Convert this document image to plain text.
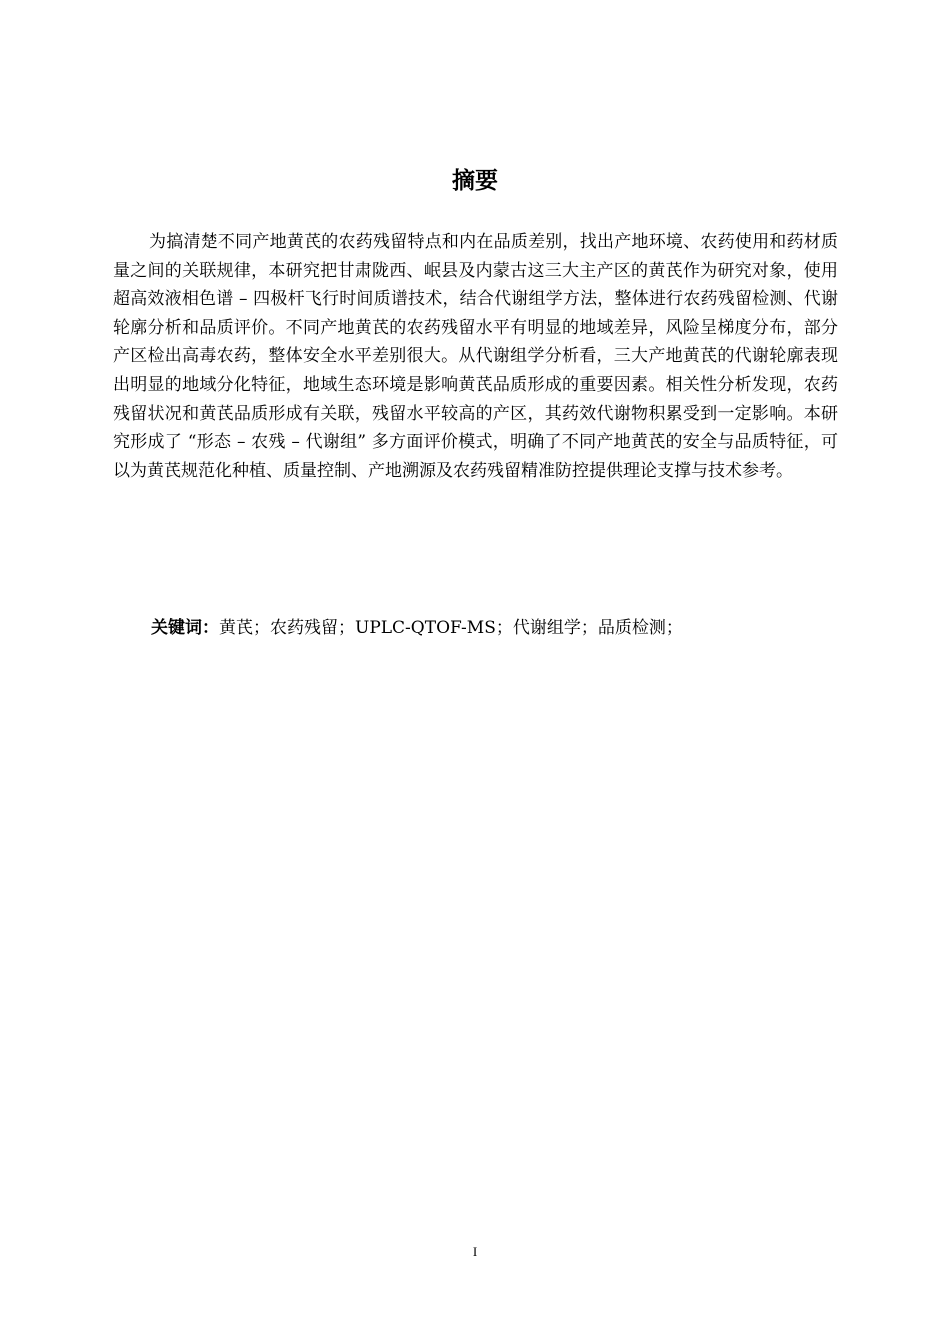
摘要

为搞清楚不同产地黄芪的农药残留特点和内在品质差别，找出产地环境、农药使用和药材质量之间的关联规律，本研究把甘肃陇西、岷县及内蒙古这三大主产区的黄芪作为研究对象，使用超高效液相色谱 – 四极杆飞行时间质谱技术，结合代谢组学方法，整体进行农药残留检测、代谢轮廓分析和品质评价。不同产地黄芪的农药残留水平有明显的地域差异，风险呈梯度分布，部分产区检出高毒农药，整体安全水平差别很大。从代谢组学分析看，三大产地黄芪的代谢轮廓表现出明显的地域分化特征，地域生态环境是影响黄芪品质形成的重要因素。相关性分析发现，农药残留状况和黄芪品质形成有关联，残留水平较高的产区，其药效代谢物积累受到一定影响。本研究形成了 “形态 – 农残 – 代谢组” 多方面评价模式，明确了不同产地黄芪的安全与品质特征，可以为黄芪规范化种植、质量控制、产地溯源及农药残留精准防控提供理论支撑与技术参考。

关键词：黄芪；农药残留；UPLC-QTOF-MS；代谢组学；品质检测；

I
